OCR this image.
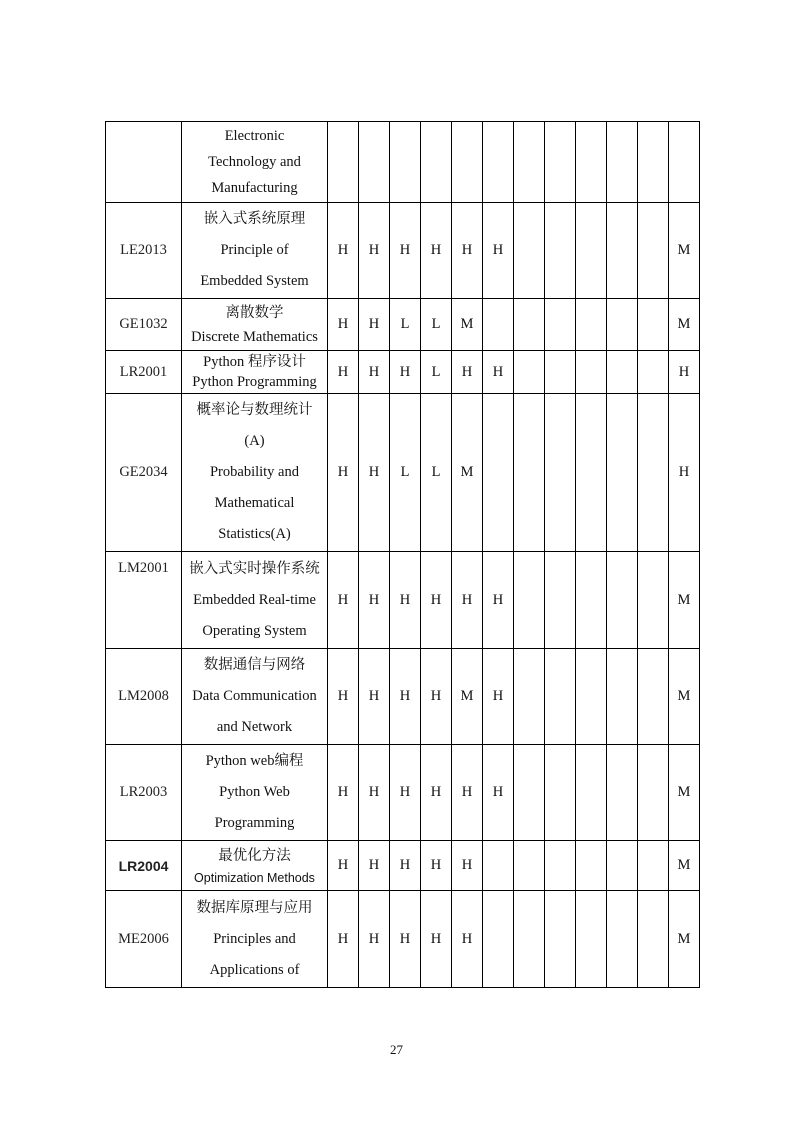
	Electronic
Technology and
Manufacturing												

LE2013	嵌入式系统原理
Principle of
Embedded System	H	H	H	H	H	H						M
GE1032	离散数学
Discrete Mathematics	H	H	L	L	M							M
LR2001	Python 程序设计
Python Programming	H	H	H	L	H	H						H
GE2034	概率论与数理统计
(A)
Probability and
Mathematical
Statistics(A)	H	H	L	L	M							H
LM2001	嵌入式实时操作系统
Embedded Real-time
Operating System	H	H	H	H	H	H						M
LM2008	数据通信与网络
Data Communication
and Network	H	H	H	H	M	H						M
LR2003	Python web编程
Python Web
Programming	H	H	H	H	H	H						M
LR2004	最优化方法
Optimization Methods	H	H	H	H	H							M
ME2006	数据库原理与应用
Principles and
Applications of	H	H	H	H	H							M
27
